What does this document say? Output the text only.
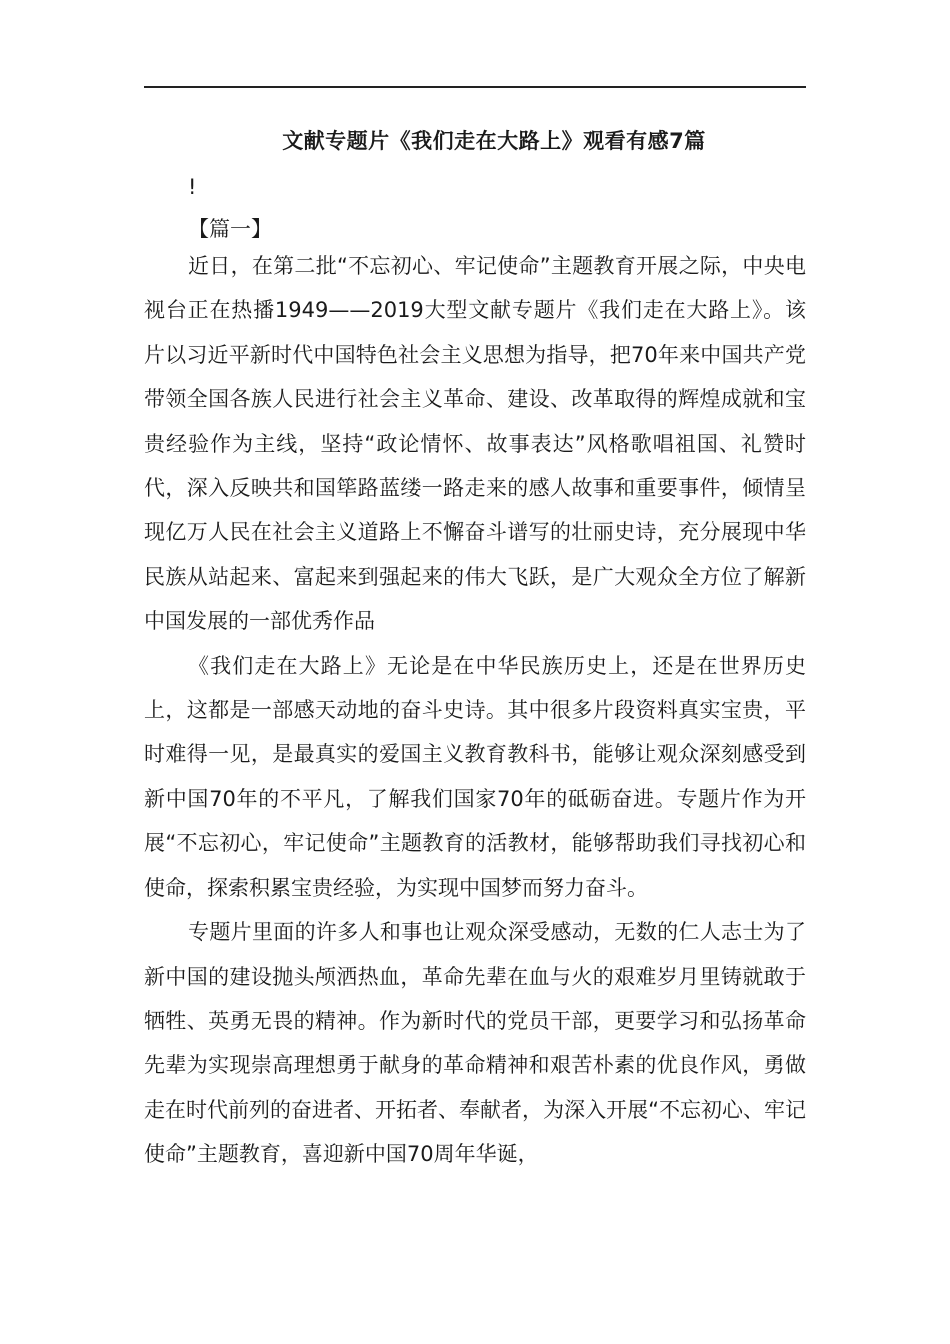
文献专题片《我们走在大路上》观看有感7篇
!
【篇一】

近日，在第二批“不忘初心、牢记使命”主题教育开展之际，中央电视台正在热播1949——2019大型文献专题片《我们走在大路上》。该片以习近平新时代中国特色社会主义思想为指导，把70年来中国共产党带领全国各族人民进行社会主义革命、建设、改革取得的辉煌成就和宝贵经验作为主线，坚持“政论情怀、故事表达”风格歌唱祖国、礼赞时代，深入反映共和国筚路蓝缕一路走来的感人故事和重要事件，倾情呈现亿万人民在社会主义道路上不懈奋斗谱写的壮丽史诗，充分展现中华民族从站起来、富起来到强起来的伟大飞跃，是广大观众全方位了解新中国发展的一部优秀作品

《我们走在大路上》无论是在中华民族历史上，还是在世界历史上，这都是一部感天动地的奋斗史诗。其中很多片段资料真实宝贵，平时难得一见，是最真实的爱国主义教育教科书，能够让观众深刻感受到新中国70年的不平凡，了解我们国家70年的砥砺奋进。专题片作为开展“不忘初心，牢记使命”主题教育的活教材，能够帮助我们寻找初心和使命，探索积累宝贵经验，为实现中国梦而努力奋斗。

专题片里面的许多人和事也让观众深受感动，无数的仁人志士为了新中国的建设抛头颅洒热血，革命先辈在血与火的艰难岁月里铸就敢于牺牲、英勇无畏的精神。作为新时代的党员干部，更要学习和弘扬革命先辈为实现崇高理想勇于献身的革命精神和艰苦朴素的优良作风，勇做走在时代前列的奋进者、开拓者、奉献者，为深入开展“不忘初心、牢记使命”主题教育，喜迎新中国70周年华诞，
